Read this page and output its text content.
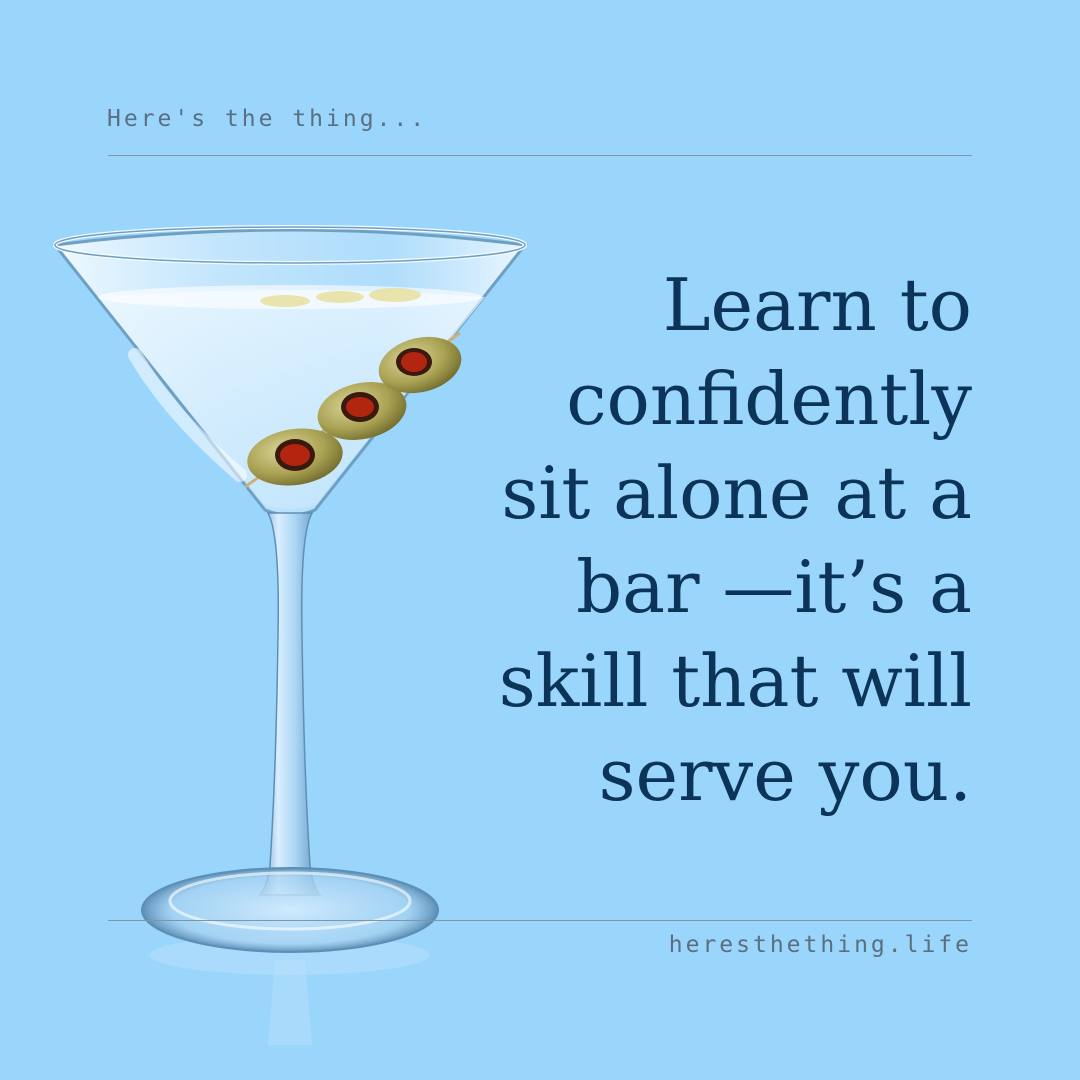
Here's the thing...

Learn to
confidently
sit alone at a
bar —it’s a
skill that will
serve you.

heresthething.life
